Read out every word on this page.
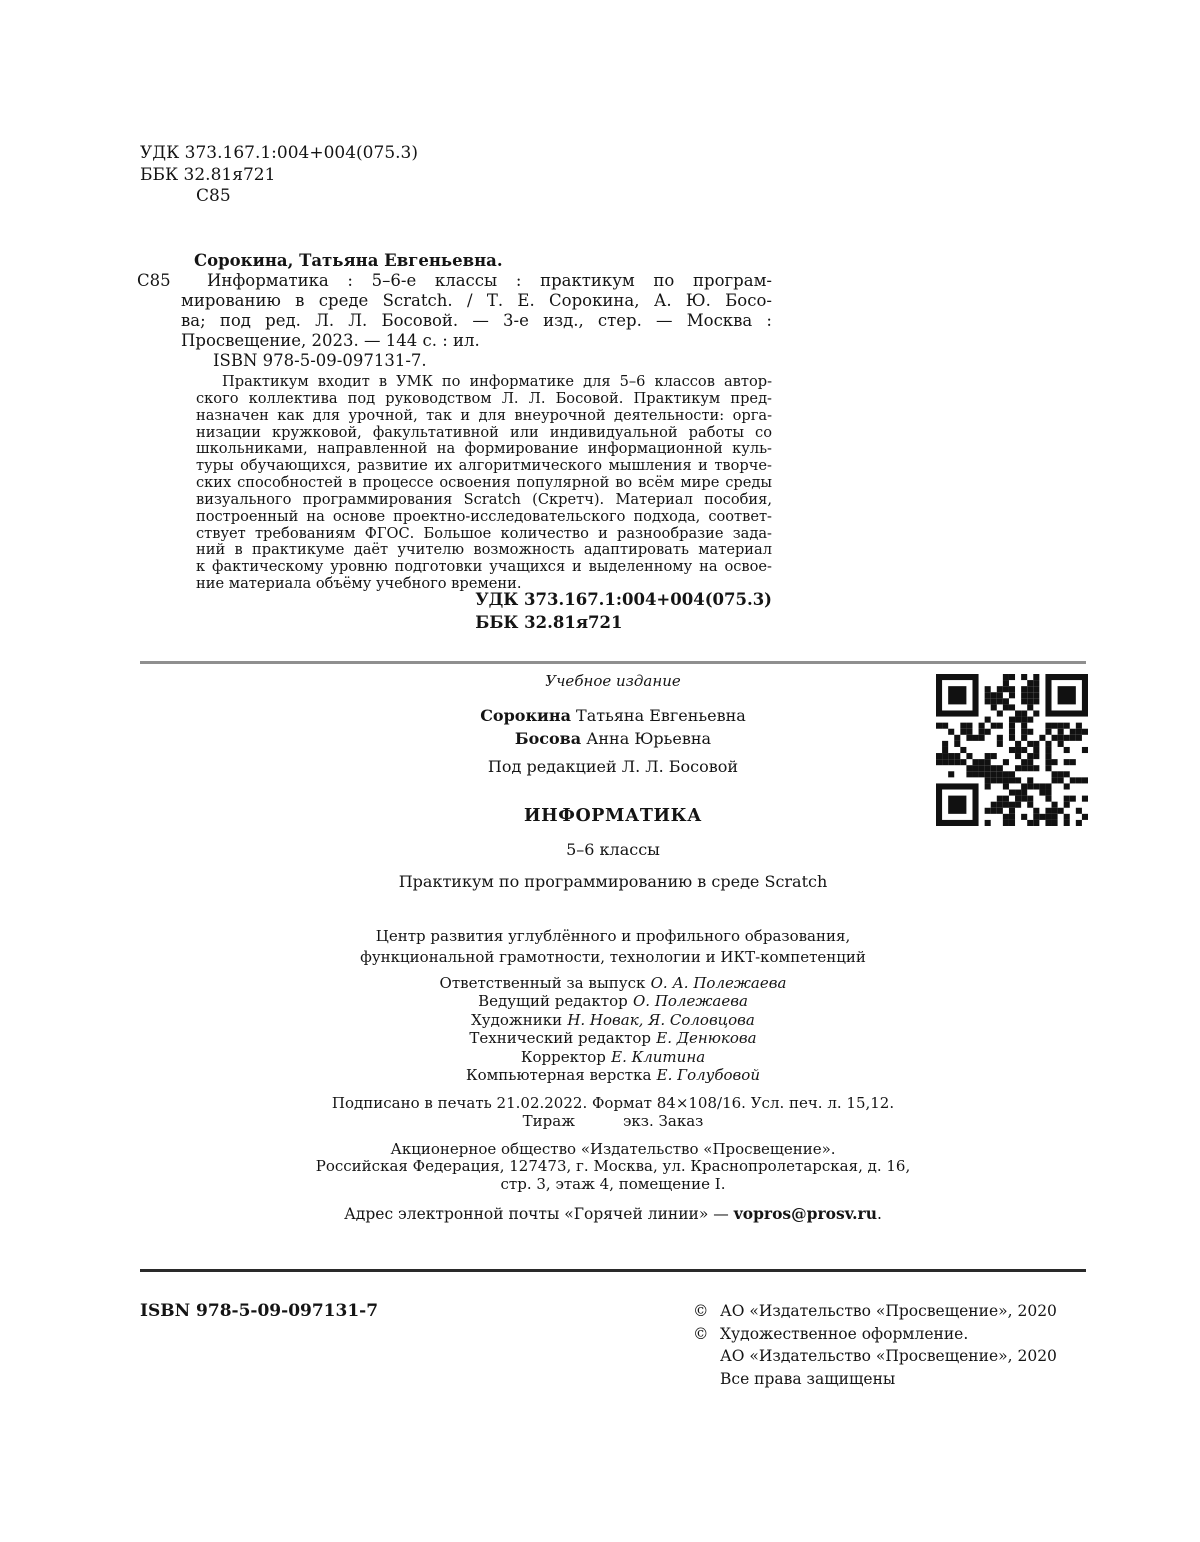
УДК 373.167.1:004+004(075.3)
ББК 32.81я721
С85
С85
Сорокина, Татьяна Евгеньевна.
Информатика : 5–6-е классы : практикум по програм-
мированию в среде Scratch. / Т. Е. Сорокина, А. Ю. Босо-
ва; под ред. Л. Л. Босовой. — 3-е изд., стер. — Москва :
Просвещение, 2023. — 144 с. : ил.
ISBN 978-5-09-097131-7.
Практикум входит в УМК по информатике для 5–6 классов автор-
ского коллектива под руководством Л. Л. Босовой. Практикум пред-
назначен как для урочной, так и для внеурочной деятельности: орга-
низации кружковой, факультативной или индивидуальной работы со
школьниками, направленной на формирование информационной куль-
туры обучающихся, развитие их алгоритмического мышления и творче-
ских способностей в процессе освоения популярной во всём мире среды
визуального программирования Scratch (Скретч). Материал пособия,
построенный на основе проектно-исследовательского подхода, соответ-
ствует требованиям ФГОС. Большое количество и разнообразие зада-
ний в практикуме даёт учителю возможность адаптировать материал
к фактическому уровню подготовки учащихся и выделенному на освое-
ние материала объёму учебного времени.
УДК 373.167.1:004+004(075.3)
ББК 32.81я721
Учебное издание
Сорокина Татьяна Евгеньевна
Босова Анна Юрьевна
Под редакцией Л. Л. Босовой
ИНФОРМАТИКА
5–6 классы
Практикум по программированию в среде Scratch
Центр развития углублённого и профильного образования,
функциональной грамотности, технологии и ИКТ-компетенций
Ответственный за выпуск О. А. Полежаева
Ведущий редактор О. Полежаева
Художники Н. Новак, Я. Соловцова
Технический редактор Е. Денюкова
Корректор Е. Клитина
Компьютерная верстка Е. Голубовой
Подписано в печать 21.02.2022. Формат 84×108/16. Усл. печ. л. 15,12.
Тираж	экз. Заказ
Акционерное общество «Издательство «Просвещение».
Российская Федерация, 127473, г. Москва, ул. Краснопролетарская, д. 16,
стр. 3, этаж 4, помещение I.
Адрес электронной почты «Горячей линии» — vopros@prosv.ru.
ISBN 978-5-09-097131-7	© АО «Издательство «Просвещение», 2020
© Художественное оформление.
АО «Издательство «Просвещение», 2020
Все права защищены
